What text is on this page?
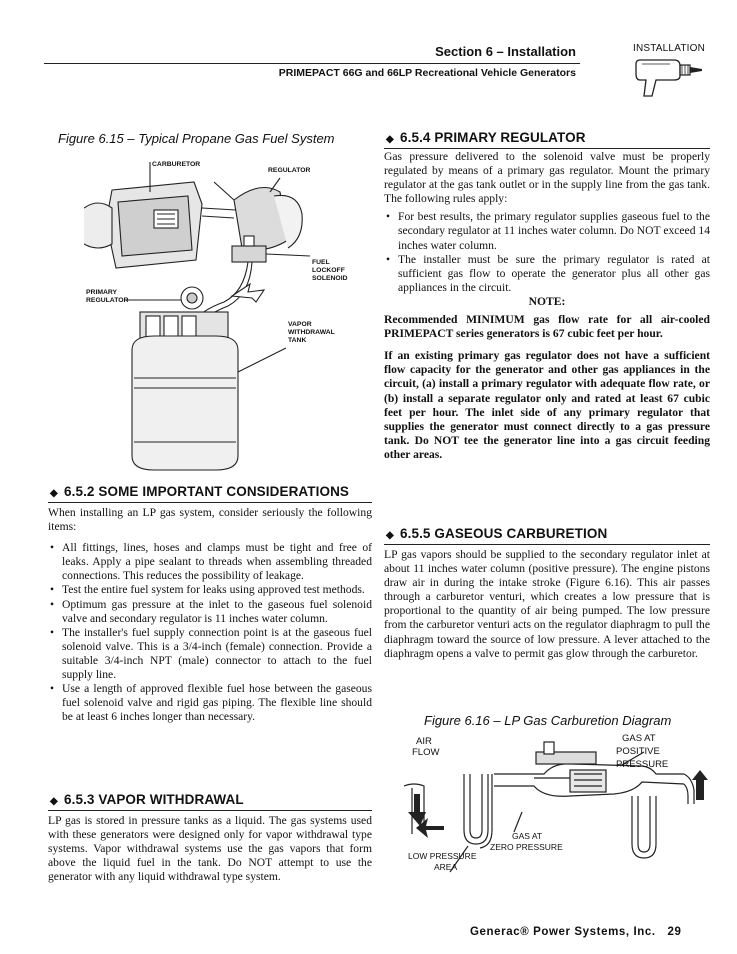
Section 6 – Installation
PRIMEPACT 66G and 66LP Recreational Vehicle Generators
INSTALLATION
Figure 6.15 – Typical Propane Gas Fuel System
CARBURETOR
REGULATOR
FUEL
LOCKOFF
SOLENOID
PRIMARY
REGULATOR
VAPOR
WITHDRAWAL
TANK
◆ 6.5.2 SOME IMPORTANT CONSIDERATIONS

When installing an LP gas system, consider seriously the following items:

• All fittings, lines, hoses and clamps must be tight and free of leaks. Apply a pipe sealant to threads when assembling threaded connections. This reduces the possibility of leakage.
• Test the entire fuel system for leaks using approved test methods.
• Optimum gas pressure at the inlet to the gaseous fuel solenoid valve and secondary regulator is 11 inches water column.
• The installer's fuel supply connection point is at the gaseous fuel solenoid valve. This is a 3/4-inch (female) connection. Provide a suitable 3/4-inch NPT (male) connector to attach to the fuel supply line.
• Use a length of approved flexible fuel hose between the gaseous fuel solenoid valve and rigid gas piping. The flexible line should be at least 6 inches longer than necessary.
◆ 6.5.3 VAPOR WITHDRAWAL

LP gas is stored in pressure tanks as a liquid. The gas systems used with these generators were designed only for vapor withdrawal type systems. Vapor withdrawal systems use the gas vapors that form above the liquid fuel in the tank. Do NOT attempt to use the generator with any liquid withdrawal type system.

◆ 6.5.4 PRIMARY REGULATOR

Gas pressure delivered to the solenoid valve must be properly regulated by means of a primary gas regulator. Mount the primary regulator at the gas tank outlet or in the supply line from the gas tank. The following rules apply:

• For best results, the primary regulator supplies gaseous fuel to the secondary regulator at 11 inches water column. Do NOT exceed 14 inches water column.
• The installer must be sure the primary regulator is rated at sufficient gas flow to operate the generator plus all other gas appliances in the circuit.
NOTE:

Recommended MINIMUM gas flow rate for all air-cooled PRIMEPACT series generators is 67 cubic feet per hour.

If an existing primary gas regulator does not have a sufficient flow capacity for the generator and other gas appliances in the circuit, (a) install a primary regulator with adequate flow rate, or (b) install a separate regulator only and rated at least 67 cubic feet per hour. The inlet side of any primary regulator that supplies the generator must connect directly to a gas pressure tank. Do NOT tee the generator line into a gas circuit feeding other areas.

◆ 6.5.5 GASEOUS CARBURETION

LP gas vapors should be supplied to the secondary regulator inlet at about 11 inches water column (positive pressure). The engine pistons draw air in during the intake stroke (Figure 6.16). This air passes through a carburetor venturi, which creates a low pressure that is proportional to the quantity of air being pumped. The low pressure from the carburetor venturi acts on the regulator diaphragm to pull the diaphragm toward the source of low pressure. A lever attached to the diaphragm opens a valve to permit gas glow through the carburetor.

Figure 6.16 – LP Gas Carburetion Diagram
AIR
FLOW
GAS AT
POSITIVE
PRESSURE
GAS AT
ZERO PRESSURE
LOW PRESSURE
AREA
Generac® Power Systems, Inc. 29
